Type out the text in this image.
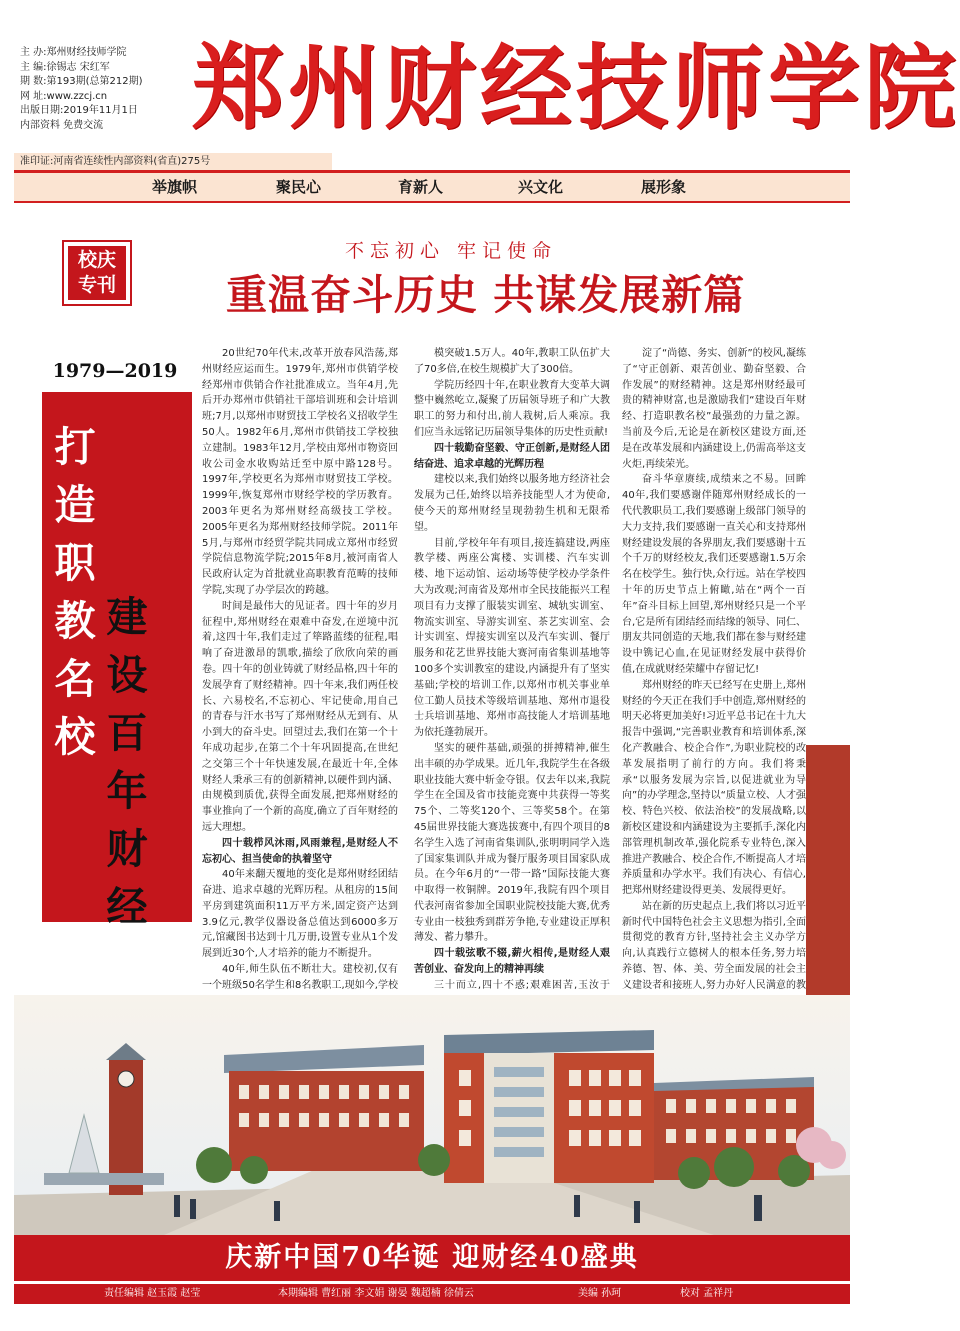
主 办:郑州财经技师学院
主 编:徐锡志 宋红军
期 数:第193期(总第212期)
网 址:www.zzcj.cn
出版日期:2019年11月1日
内部资料 免费交流 郑州财经技师学院
准印证:河南省连续性内部资料(省直)275号
举旗帜	聚民心	育新人	兴文化	展形象
校庆
专刊
不忘初心 牢记使命
重温奋斗历史 共谋发展新篇
1979—2019
打
造
职
教
名
校
建
设
百
年
财
经

20世纪70年代末,改革开放春风浩荡,郑州财经应运而生。1979年,郑州市供销学校经郑州市供销合作社批准成立。当年4月,先后开办郑州市供销社干部培训班和会计培训班;7月,以郑州市财贸技工学校名义招收学生50人。1982年6月,郑州市供销技工学校独立建制。1983年12月,学校由郑州市物资回收公司金水收购站迁至中原中路128号。1997年,学校更名为郑州市财贸技工学校。1999年,恢复郑州市财经学校的学历教育。2003年更名为郑州财经高级技工学校。2005年更名为郑州财经技师学院。2011年5月,与郑州市经贸学院共同成立郑州市经贸学院信息物流学院;2015年8月,被河南省人民政府认定为首批就业高职教育范畴的技师学院,实现了办学层次的跨越。

时间是最伟大的见证者。四十年的岁月征程中,郑州财经在艰难中奋发,在逆境中沉着,这四十年,我们走过了筚路蓝缕的征程,唱响了奋进激昂的凯歌,描绘了欣欣向荣的画卷。四十年的创业铸就了财经品格,四十年的发展孕育了财经精神。四十年来,我们两任校长、六易校名,不忘初心、牢记使命,用自己的青春与汗水书写了郑州财经从无到有、从小到大的奋斗史。回望过去,我们在第一个十年成功起步,在第二个十年巩固提高,在世纪之交第三个十年快速发展,在最近十年,全体财经人秉承三有的创新精神,以硬件到内涵、由规模到质优,获得全面发展,把郑州财经的事业推向了一个新的高度,确立了百年财经的远大理想。

四十载栉风沐雨,风雨兼程,是财经人不忘初心、担当使命的执着坚守

40年来翻天覆地的变化是郑州财经团结奋进、追求卓越的光辉历程。从租房的15间平房到建筑面积11万平方米,固定资产达到3.9亿元,教学仪器设备总值达到6000多万元,馆藏图书达到十几万册,设置专业从1个发展到近30个,人才培养的能力不断提升。

40年,师生队伍不断壮大。建校初,仅有一个班级50名学生和8名教职工,现如今,学校

模突破1.5万人。40年,教职工队伍扩大了70多倍,在校生规模扩大了300倍。

学院历经四十年,在职业教育大变革大调整中巍然屹立,凝聚了历届领导班子和广大教职工的努力和付出,前人栽树,后人乘凉。我们应当永远铭记历届领导集体的历史性贡献!

四十载勤奋坚毅、守正创新,是财经人团结奋进、追求卓越的光辉历程

建校以来,我们始终以服务地方经济社会发展为己任,始终以培养技能型人才为使命,使今天的郑州财经呈现勃勃生机和无限希望。

目前,学校年年有项目,接连搞建设,两座教学楼、两座公寓楼、实训楼、汽车实训楼、地下运动馆、运动场等使学校办学条件大为改观;河南省及郑州市全民技能振兴工程项目有力支撑了服装实训室、城轨实训室、物流实训室、导游实训室、茶艺实训室、会计实训室、焊接实训室以及汽车实训、餐厅服务和花艺世界技能大赛河南省集训基地等100多个实训教室的建设,内涵提升有了坚实基础;学校的培训工作,以郑州市机关事业单位工勤人员技术等级培训基地、郑州市退役士兵培训基地、郑州市高技能人才培训基地为依托蓬勃展开。

坚实的硬件基础,顽强的拼搏精神,催生出丰硕的办学成果。近几年,我院学生在各级职业技能大赛中斩金夺银。仅去年以来,我院学生在全国及省市技能竞赛中共获得一等奖75个、二等奖120个、三等奖58个。在第45届世界技能大赛选拔赛中,有四个项目的8名学生入选了河南省集训队,张明明同学入选了国家集训队并成为餐厅服务项目国家队成员。在今年6月的“一带一路”国际技能大赛中取得一枚铜牌。2019年,我院有四个项目代表河南省参加全国职业院校技能大赛,优秀专业由一枝独秀到群芳争艳,专业建设正厚积薄发、蓄力攀升。

四十载弦歌不辍,薪火相传,是财经人艰苦创业、奋发向上的精神再续

三十而立,四十不惑;艰难困苦,玉汝于

淀了“尚德、务实、创新”的校风,凝练了“守正创新、艰苦创业、勤奋坚毅、合作发展”的财经精神。这是郑州财经最可贵的精神财富,也是激励我们“建设百年财经、打造职教名校”最强劲的力量之源。当前及今后,无论是在新校区建设方面,还是在改革发展和内涵建设上,仍需高举这支火炬,再续荣光。

奋斗华章赓续,成绩来之不易。回眸40年,我们要感谢伴随郑州财经成长的一代代教职员工,我们要感谢上级部门领导的大力支持,我们要感谢一直关心和支持郑州财经建设发展的各界朋友,我们要感谢十五个千万的财经校友,我们还要感谢1.5万余名在校学生。独行快,众行远。站在学校四十年的历史节点上俯瞰,站在“两个一百年”奋斗目标上回望,郑州财经只是一个平台,它是所有团结经而结缘的领导、同仁、朋友共同创造的天地,我们都在参与财经建设中镌记心血,在见证财经发展中获得价值,在成就财经荣耀中存留记忆!

郑州财经的昨天已经写在史册上,郑州财经的今天正在我们手中创造,郑州财经的明天必将更加美好!习近平总书记在十九大报告中强调,“完善职业教育和培训体系,深化产教融合、校企合作”,为职业院校的改革发展指明了前行的方向。我们将秉承“以服务发展为宗旨,以促进就业为导向”的办学理念,坚持以“质量立校、人才强校、特色兴校、依法治校”的发展战略,以新校区建设和内涵建设为主要抓手,深化内部管理机制改革,强化院系专业特色,深入推进产教融合、校企合作,不断提高人才培养质量和办学水平。我们有决心、有信心,把郑州财经建设得更美、发展得更好。

站在新的历史起点上,我们将以习近平新时代中国特色社会主义思想为指引,全面贯彻党的教育方针,坚持社会主义办学方向,认真践行立德树人的根本任务,努力培养德、智、体、美、劳全面发展的社会主义建设者和接班人,努力办好人民满意的教

庆新中国70华诞 迎财经40盛典
责任编辑 赵玉霞 赵莹	本期编辑 曹红丽 李文娟 谢晏 魏超楠 徐倩云	美编 孙珂	校对 孟祥丹
